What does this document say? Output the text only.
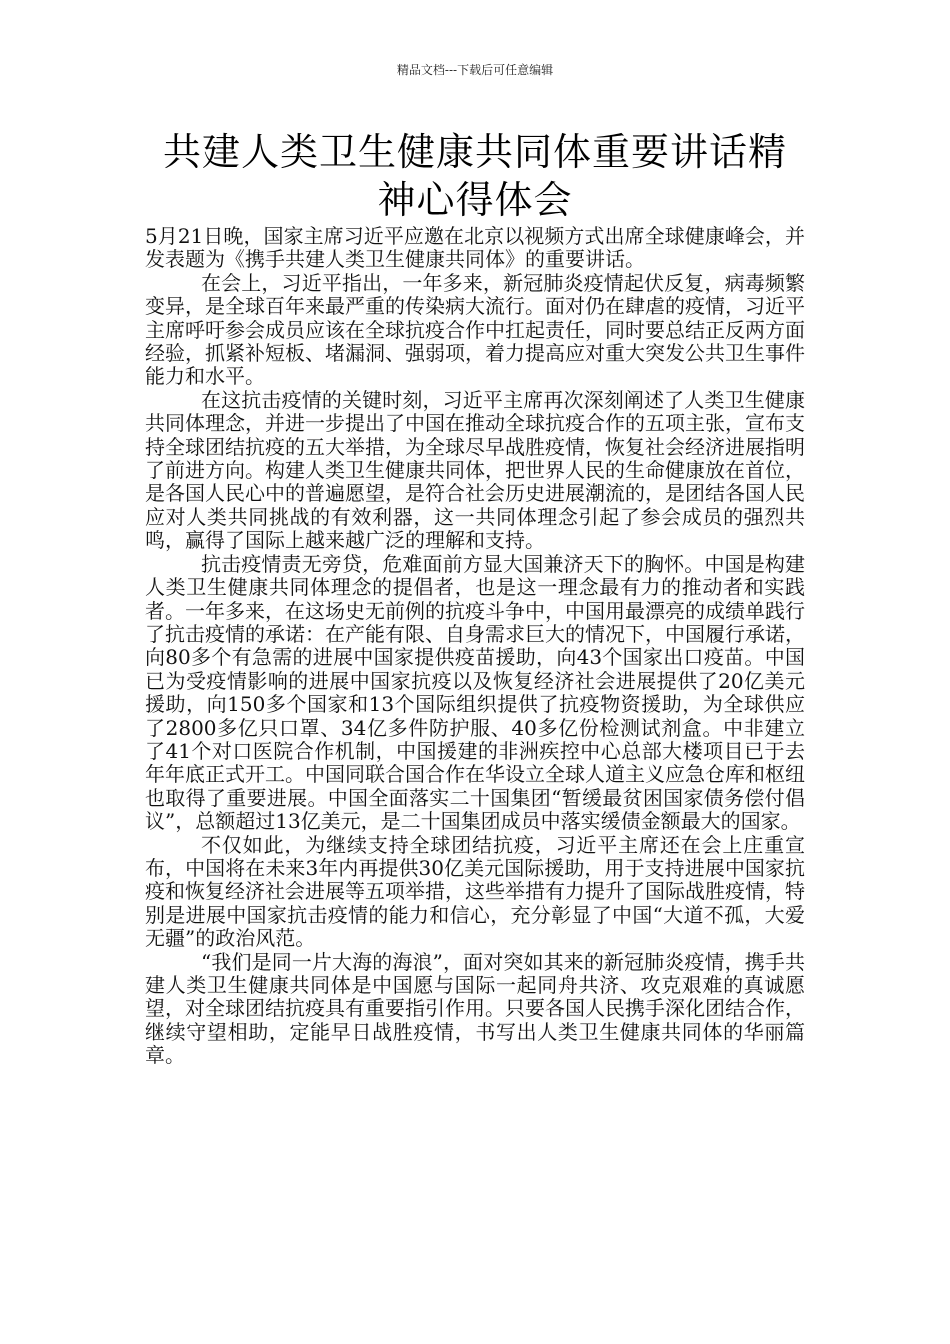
精品文档---下载后可任意编辑
共建人类卫生健康共同体重要讲话精神心得体会

5月21日晚，国家主席习近平应邀在北京以视频方式出席全球健康峰会，并发表题为《携手共建人类卫生健康共同体》的重要讲话。

在会上，习近平指出，一年多来，新冠肺炎疫情起伏反复，病毒频繁变异，是全球百年来最严重的传染病大流行。面对仍在肆虐的疫情，习近平主席呼吁参会成员应该在全球抗疫合作中扛起责任，同时要总结正反两方面经验，抓紧补短板、堵漏洞、强弱项，着力提高应对重大突发公共卫生事件能力和水平。

在这抗击疫情的关键时刻，习近平主席再次深刻阐述了人类卫生健康共同体理念，并进一步提出了中国在推动全球抗疫合作的五项主张，宣布支持全球团结抗疫的五大举措，为全球尽早战胜疫情，恢复社会经济进展指明了前进方向。构建人类卫生健康共同体，把世界人民的生命健康放在首位，是各国人民心中的普遍愿望，是符合社会历史进展潮流的，是团结各国人民应对人类共同挑战的有效利器，这一共同体理念引起了参会成员的强烈共鸣，赢得了国际上越来越广泛的理解和支持。

抗击疫情责无旁贷，危难面前方显大国兼济天下的胸怀。中国是构建人类卫生健康共同体理念的提倡者，也是这一理念最有力的推动者和实践者。一年多来，在这场史无前例的抗疫斗争中，中国用最漂亮的成绩单践行了抗击疫情的承诺：在产能有限、自身需求巨大的情况下，中国履行承诺，向80多个有急需的进展中国家提供疫苗援助，向43个国家出口疫苗。中国已为受疫情影响的进展中国家抗疫以及恢复经济社会进展提供了20亿美元援助，向150多个国家和13个国际组织提供了抗疫物资援助，为全球供应了2800多亿只口罩、34亿多件防护服、40多亿份检测试剂盒。中非建立了41个对口医院合作机制，中国援建的非洲疾控中心总部大楼项目已于去年年底正式开工。中国同联合国合作在华设立全球人道主义应急仓库和枢纽也取得了重要进展。中国全面落实二十国集团“暂缓最贫困国家债务偿付倡议”，总额超过13亿美元，是二十国集团成员中落实缓债金额最大的国家。

不仅如此，为继续支持全球团结抗疫，习近平主席还在会上庄重宣布，中国将在未来3年内再提供30亿美元国际援助，用于支持进展中国家抗疫和恢复经济社会进展等五项举措，这些举措有力提升了国际战胜疫情，特别是进展中国家抗击疫情的能力和信心，充分彰显了中国“大道不孤，大爱无疆”的政治风范。

“我们是同一片大海的海浪”，面对突如其来的新冠肺炎疫情，携手共建人类卫生健康共同体是中国愿与国际一起同舟共济、攻克艰难的真诚愿望，对全球团结抗疫具有重要指引作用。只要各国人民携手深化团结合作，继续守望相助，定能早日战胜疫情，书写出人类卫生健康共同体的华丽篇章。
